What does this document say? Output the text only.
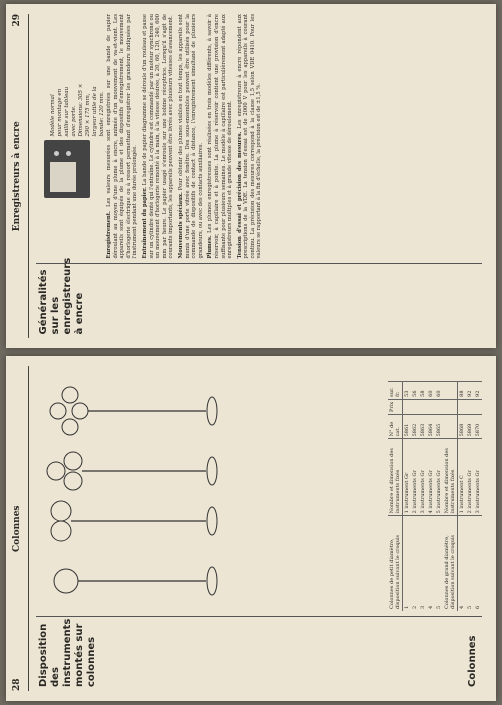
28
Colonnes
Disposition des instruments montés sur colonnes	Colonnes
Colonnes de petit diamètre, disposition suivant le croquis	Nombre et dimension des instruments fixés	N° de cat.	Prix	sur. fr.
1	1 instrument Gr	5861		53
2	2 instruments Gr	5862		56
3	3 instruments Gr	5863		58
4	4 instruments Gr	5864		60
5	5 instruments Gr	5865		60
Colonnes de grand diamètre, disposition suivant le croquis	Nombre et dimension des instruments fixés			
4	1 instrument C	5868		88
5	2 instruments Gr	5869		92
6	3 instruments Gr	5870		92
Enregistreurs à encre
29
Généralités sur les enregistreurs à encre
Modèle normal pour montage en saillie sur tableau avec porte. Dimensions: 305 × 290 × 175 mm, largeur utile de la bande: 120 mm.

Enregistrement. Les valeurs mesurées sont enregistrées sur une bande de papier déroulant au moyen d'une plume à encre, animée d'un mouvement de va-et-vient. Les appareils sont équipés de la plume et des dispositifs d'enregistrement, le mouvement d'horlogerie électrique ou à ressort permettant d'enregistrer les grandeurs indiquées par l'instrument pendant une durée prolongée. Entraînement du papier. La bande de papier diagramme se déroule d'un rouleau et passe sur un cylindre denté qui l'entraîne. Le cylindre est commandé par un moteur synchrone ou un mouvement d'horlogerie remonté à la main, à la vitesse désirée, à 20, 60, 120, 240, 600 mm par heure. Le papier usagé s'enroule sur une bobine réceptrice. Lorsqu'il s'agit de courants importants, les appareils peuvent être livrés avec plusieurs vitesses d'avancement. Mouvements spéciaux. Pour obtenir des plumes visibles en tout temps, les appareils sont munis d'une porte vitrée avec fenêtre. Des sous-ensembles peuvent être utilisés pour la commande de dispositifs de contact à distance, l'enregistrement simultané de plusieurs grandeurs, ou avec des contacts auxiliaires. Plumes. Les plumes enregistreuses sont réalisées en trois modèles différents, à savoir à réservoir, à capillaire et à pointe. La plume à réservoir contient une provision d'encre suffisante pour plusieurs semaines. Le modèle à capillaire est particulièrement adapté aux enregistreurs multiples et à grande vitesse de déroulement. Tension d'essai et précision des mesures. Les enregistreurs à encre répondent aux prescriptions de la VDE. La tension d'essai est de 2000 V pour les appareils à courant continu. La précision des mesures correspond à la classe 1,5 selon VDE 0410. Pour les valeurs se rapportant à la fin d'échelle, la précision est de ±1,5 %.
